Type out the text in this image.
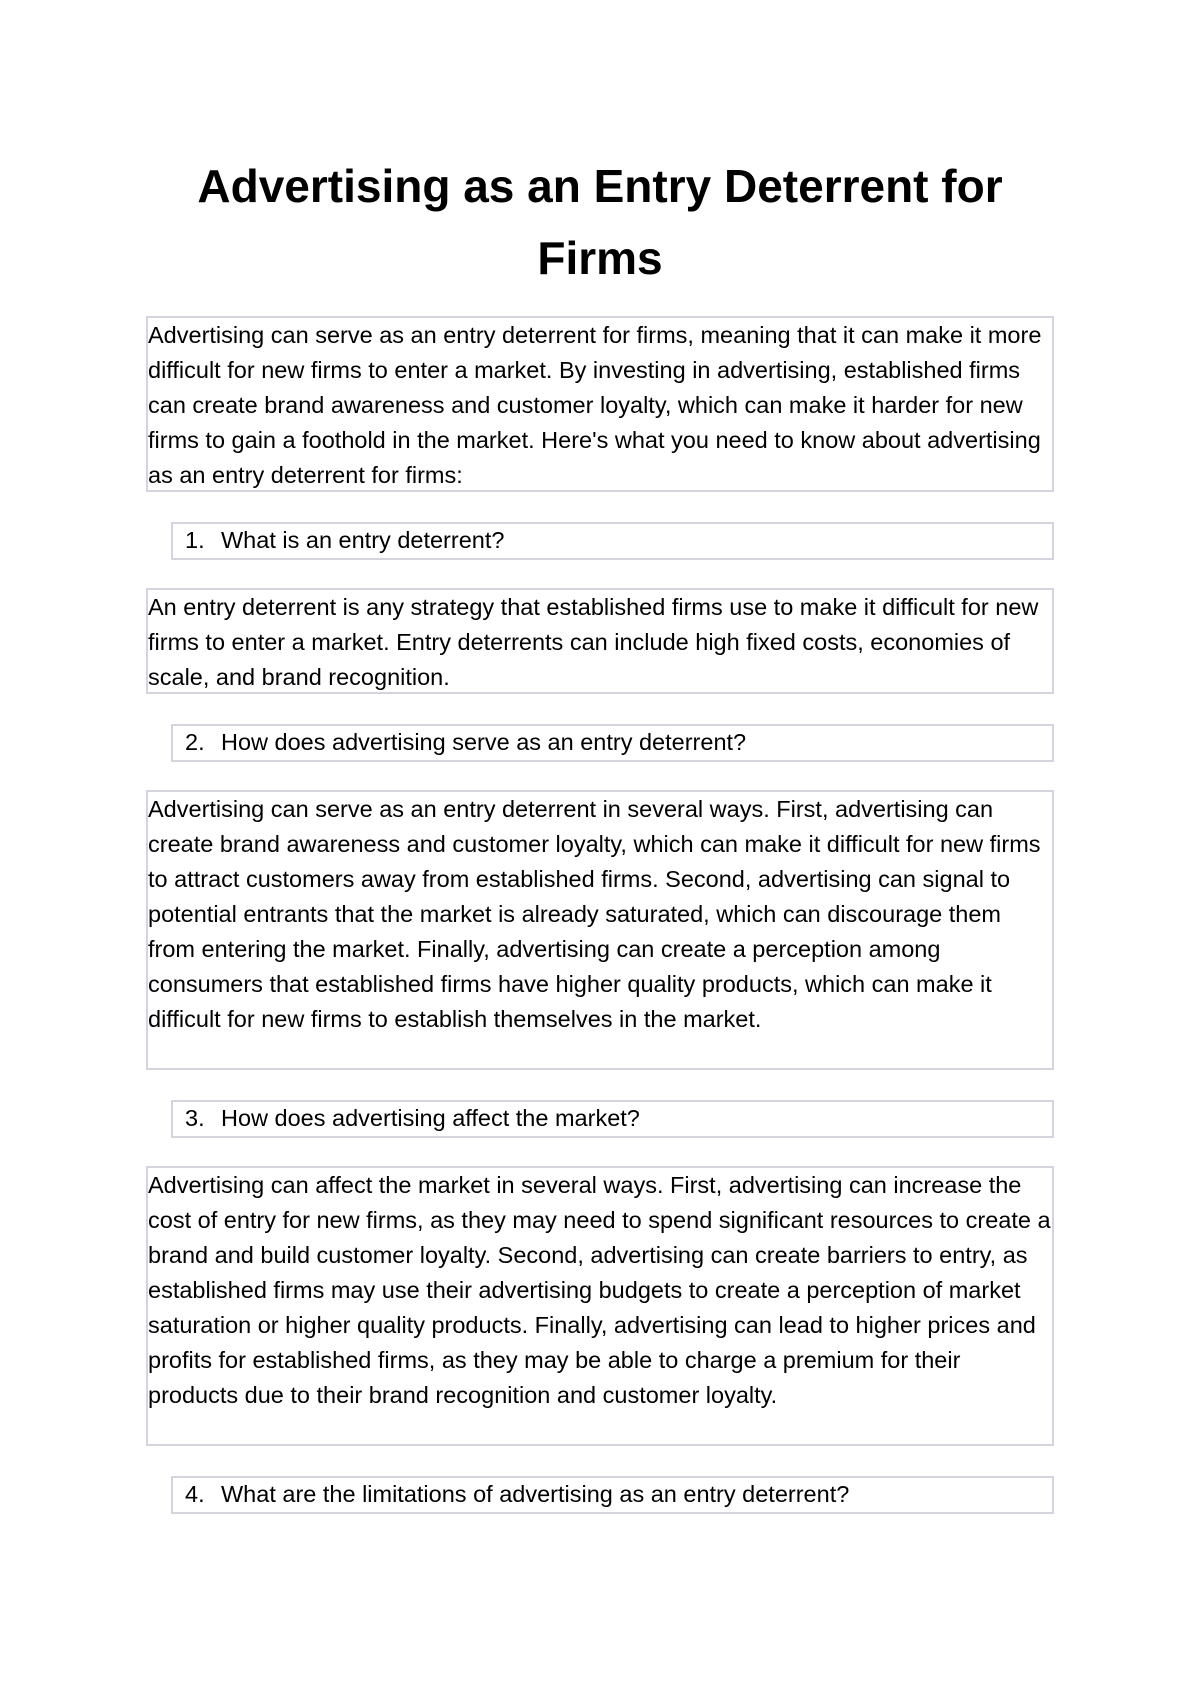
Advertising as an Entry Deterrent for Firms

Advertising can serve as an entry deterrent for firms, meaning that it can make it more difficult for new firms to enter a market. By investing in advertising, established firms can create brand awareness and customer loyalty, which can make it harder for new firms to gain a foothold in the market. Here's what you need to know about advertising as an entry deterrent for firms:

1. What is an entry deterrent?

An entry deterrent is any strategy that established firms use to make it difficult for new firms to enter a market. Entry deterrents can include high fixed costs, economies of scale, and brand recognition.

2. How does advertising serve as an entry deterrent?

Advertising can serve as an entry deterrent in several ways. First, advertising can create brand awareness and customer loyalty, which can make it difficult for new firms to attract customers away from established firms. Second, advertising can signal to potential entrants that the market is already saturated, which can discourage them from entering the market. Finally, advertising can create a perception among consumers that established firms have higher quality products, which can make it difficult for new firms to establish themselves in the market.

3. How does advertising affect the market?

Advertising can affect the market in several ways. First, advertising can increase the cost of entry for new firms, as they may need to spend significant resources to create a brand and build customer loyalty. Second, advertising can create barriers to entry, as established firms may use their advertising budgets to create a perception of market saturation or higher quality products. Finally, advertising can lead to higher prices and profits for established firms, as they may be able to charge a premium for their products due to their brand recognition and customer loyalty.

4. What are the limitations of advertising as an entry deterrent?
